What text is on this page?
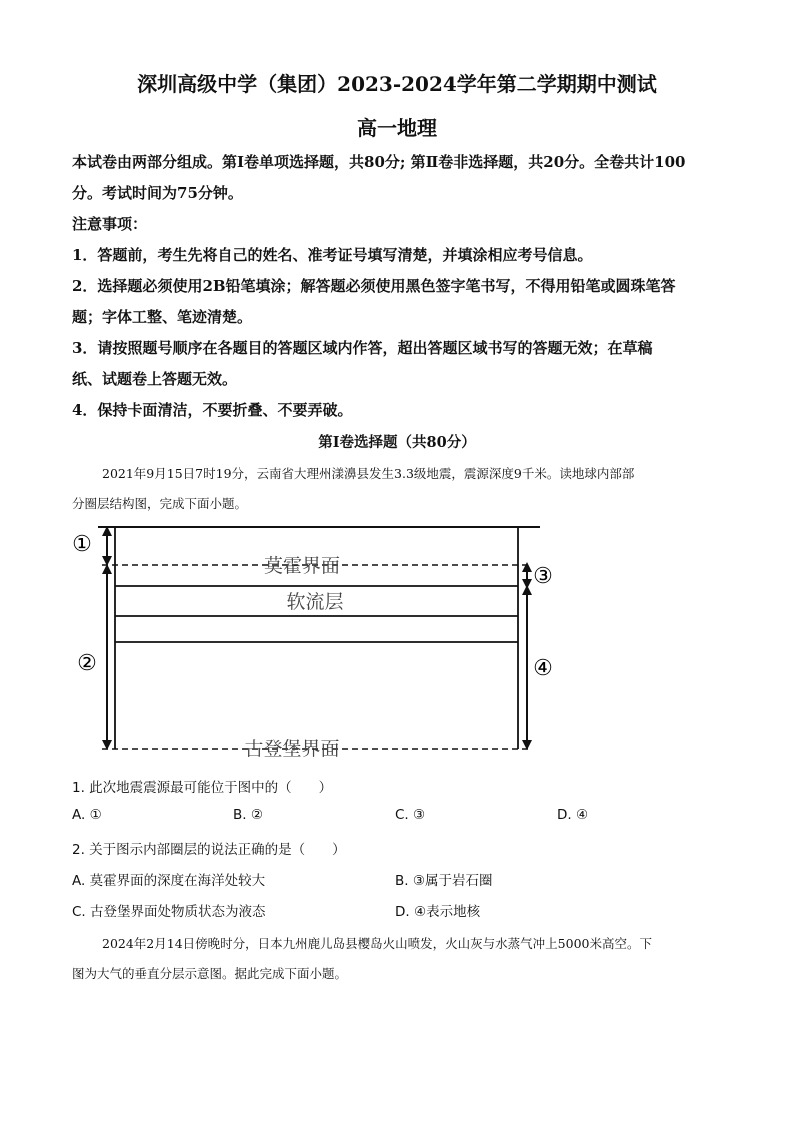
深圳高级中学（集团）2023-2024学年第二学期期中测试
高一地理
本试卷由两部分组成。第Ⅰ卷单项选择题，共80分; 第Ⅱ卷非选择题，共20分。全卷共计100
分。考试时间为75分钟。
注意事项：
1．答题前，考生先将自己的姓名、准考证号填写清楚，并填涂相应考号信息。
2．选择题必须使用2B铅笔填涂；解答题必须使用黑色签字笔书写，不得用铅笔或圆珠笔答
题；字体工整、笔迹清楚。
3．请按照题号顺序在各题目的答题区域内作答，超出答题区域书写的答题无效；在草稿
纸、试题卷上答题无效。
4．保持卡面清洁，不要折叠、不要弄破。
第Ⅰ卷选择题（共80分）
2021年9月15日7时19分，云南省大理州漾濞县发生3.3级地震，震源深度9千米。读地球内部部
分圈层结构图，完成下面小题。
莫霍界面
软流层
古登堡界面
①
②
③
④
1. 此次地震震源最可能位于图中的（　　）
A. ①	B. ②	C. ③	D. ④
2. 关于图示内部圈层的说法正确的是（　　）
A. 莫霍界面的深度在海洋处较大	B. ③属于岩石圈
C. 古登堡界面处物质状态为液态	D. ④表示地核
2024年2月14日傍晚时分，日本九州鹿儿岛县樱岛火山喷发，火山灰与水蒸气冲上5000米高空。下
图为大气的垂直分层示意图。据此完成下面小题。
